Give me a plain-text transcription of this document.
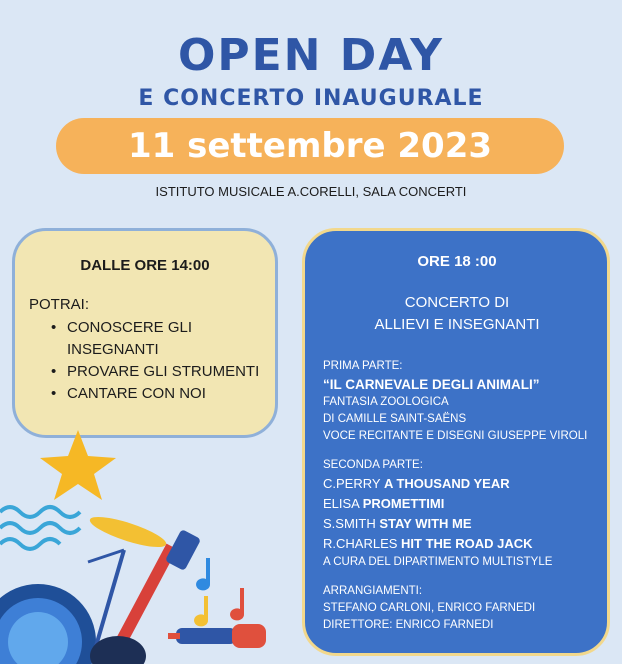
OPEN DAY
E CONCERTO INAUGURALE
11 settembre 2023
ISTITUTO MUSICALE A.CORELLI, SALA CONCERTI
DALLE ORE 14:00
POTRAI:
• CONOSCERE GLI INSEGNANTI
• PROVARE GLI STRUMENTI
• CANTARE CON NOI
ORE 18 :00
CONCERTO DI
ALLIEVI E INSEGNANTI
PRIMA PARTE:
“IL CARNEVALE DEGLI ANIMALI”
FANTASIA ZOOLOGICA
DI CAMILLE SAINT-SAËNS
VOCE RECITANTE E DISEGNI GIUSEPPE VIROLI
SECONDA PARTE:
C.PERRY A THOUSAND YEAR
ELISA PROMETTIMI
S.SMITH STAY WITH ME
R.CHARLES HIT THE ROAD JACK
A CURA DEL DIPARTIMENTO MULTISTYLE
ARRANGIAMENTI:
STEFANO CARLONI, ENRICO FARNEDI
DIRETTORE: ENRICO FARNEDI
